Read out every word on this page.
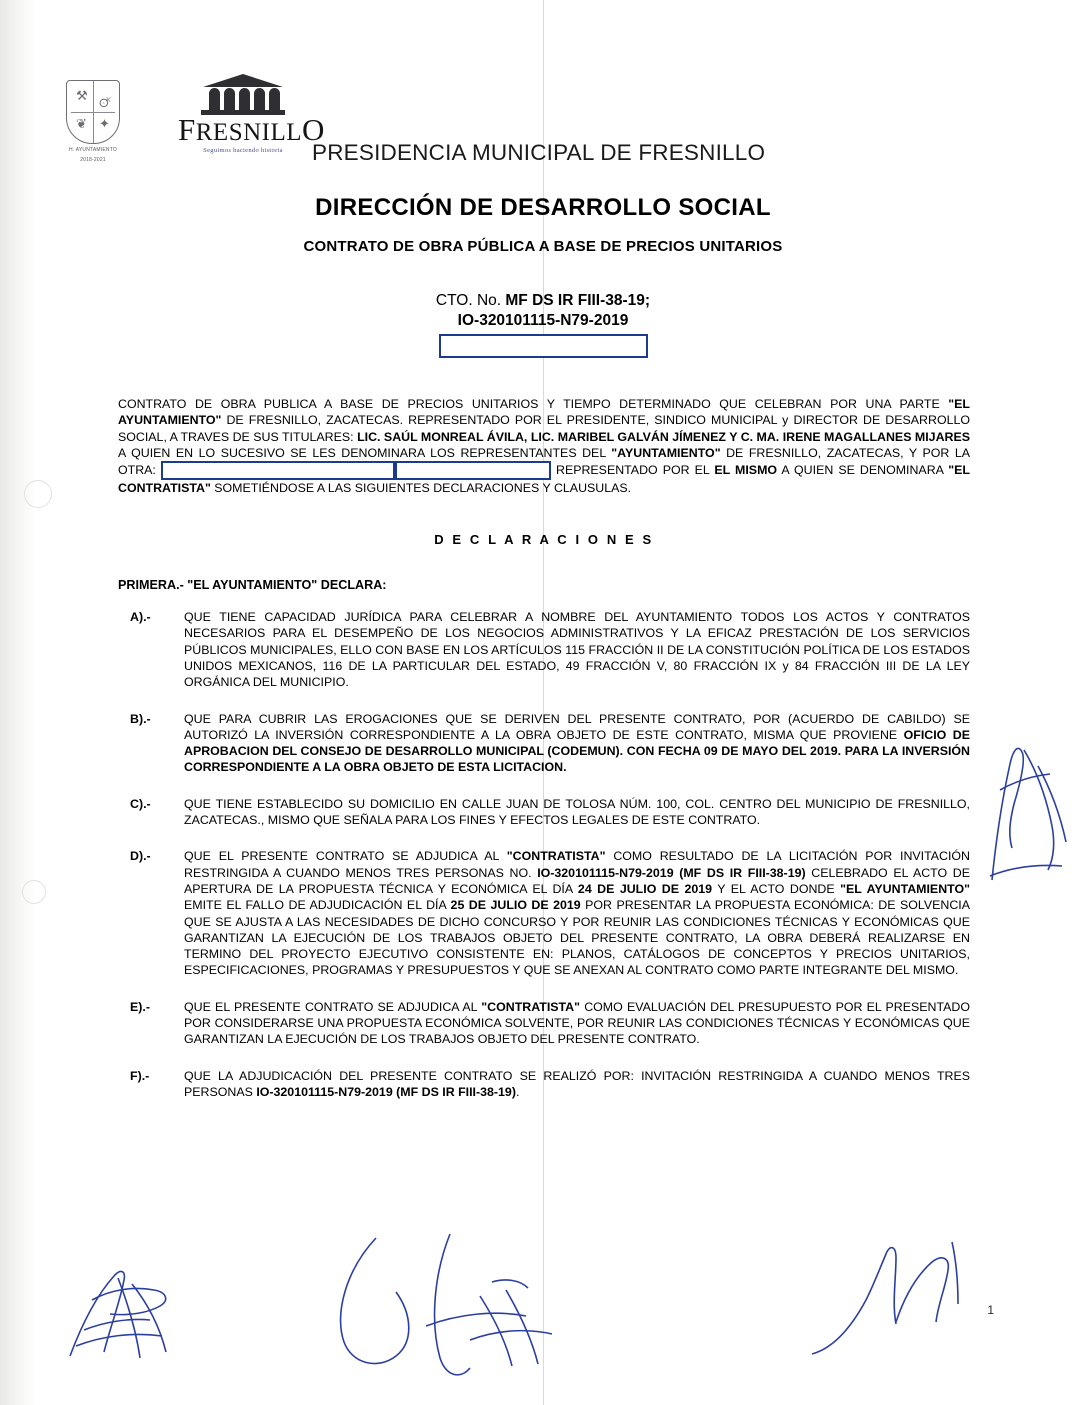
⚒ 🜚
❦ ✦
H. AYUNTAMIENTO
2018-2021
FRESNILLO
Seguimos haciendo historia	PRESIDENCIA MUNICIPAL DE FRESNILLO
DIRECCIÓN DE DESARROLLO SOCIAL
CONTRATO DE OBRA PÚBLICA A BASE DE PRECIOS UNITARIOS
CTO. No. MF DS IR FIII-38-19;
IO-320101115-N79-2019

CONTRATO DE OBRA PUBLICA A BASE DE PRECIOS UNITARIOS Y TIEMPO DETERMINADO QUE CELEBRAN POR UNA PARTE "EL AYUNTAMIENTO" DE FRESNILLO, ZACATECAS. REPRESENTADO POR EL PRESIDENTE, SINDICO MUNICIPAL y DIRECTOR DE DESARROLLO SOCIAL, A TRAVES DE SUS TITULARES: LIC. SAÚL MONREAL ÁVILA, LIC. MARIBEL GALVÁN JÍMENEZ Y C. MA. IRENE MAGALLANES MIJARES A QUIEN EN LO SUCESIVO SE LES DENOMINARA LOS REPRESENTANTES DEL "AYUNTAMIENTO" DE FRESNILLO, ZACATECAS, Y POR LA OTRA:	REPRESENTADO POR EL EL MISMO A QUIEN SE DENOMINARA "EL CONTRATISTA" SOMETIÉNDOSE A LAS SIGUIENTES DECLARACIONES Y CLAUSULAS.

D E C L A R A C I O N E S
PRIMERA.- "EL AYUNTAMIENTO" DECLARA:
A).-	QUE TIENE CAPACIDAD JURÍDICA PARA CELEBRAR A NOMBRE DEL AYUNTAMIENTO TODOS LOS ACTOS Y CONTRATOS NECESARIOS PARA EL DESEMPEÑO DE LOS NEGOCIOS ADMINISTRATIVOS Y LA EFICAZ PRESTACIÓN DE LOS SERVICIOS PÚBLICOS MUNICIPALES, ELLO CON BASE EN LOS ARTÍCULOS 115 FRACCIÓN II DE LA CONSTITUCIÓN POLÍTICA DE LOS ESTADOS UNIDOS MEXICANOS, 116 DE LA PARTICULAR DEL ESTADO, 49 FRACCIÓN V, 80 FRACCIÓN IX y 84 FRACCIÓN III DE LA LEY ORGÁNICA DEL MUNICIPIO.
B).-	QUE PARA CUBRIR LAS EROGACIONES QUE SE DERIVEN DEL PRESENTE CONTRATO, POR (ACUERDO DE CABILDO) SE AUTORIZÓ LA INVERSIÓN CORRESPONDIENTE A LA OBRA OBJETO DE ESTE CONTRATO, MISMA QUE PROVIENE OFICIO DE APROBACION DEL CONSEJO DE DESARROLLO MUNICIPAL (CODEMUN). CON FECHA 09 DE MAYO DEL 2019. PARA LA INVERSIÓN CORRESPONDIENTE A LA OBRA OBJETO DE ESTA LICITACION.
C).-	QUE TIENE ESTABLECIDO SU DOMICILIO EN CALLE JUAN DE TOLOSA NÚM. 100, COL. CENTRO DEL MUNICIPIO DE FRESNILLO, ZACATECAS., MISMO QUE SEÑALA PARA LOS FINES Y EFECTOS LEGALES DE ESTE CONTRATO.
D).-	QUE EL PRESENTE CONTRATO SE ADJUDICA AL "CONTRATISTA" COMO RESULTADO DE LA LICITACIÓN POR INVITACIÓN RESTRINGIDA A CUANDO MENOS TRES PERSONAS NO. IO-320101115-N79-2019 (MF DS IR FIII-38-19) CELEBRADO EL ACTO DE APERTURA DE LA PROPUESTA TÉCNICA Y ECONÓMICA EL DÍA 24 DE JULIO DE 2019 Y EL ACTO DONDE "EL AYUNTAMIENTO" EMITE EL FALLO DE ADJUDICACIÓN EL DÍA 25 DE JULIO DE 2019 POR PRESENTAR LA PROPUESTA ECONÓMICA: DE SOLVENCIA QUE SE AJUSTA A LAS NECESIDADES DE DICHO CONCURSO Y POR REUNIR LAS CONDICIONES TÉCNICAS Y ECONÓMICAS QUE GARANTIZAN LA EJECUCIÓN DE LOS TRABAJOS OBJETO DEL PRESENTE CONTRATO, LA OBRA DEBERÁ REALIZARSE EN TERMINO DEL PROYECTO EJECUTIVO CONSISTENTE EN: PLANOS, CATÁLOGOS DE CONCEPTOS Y PRECIOS UNITARIOS, ESPECIFICACIONES, PROGRAMAS Y PRESUPUESTOS Y QUE SE ANEXAN AL CONTRATO COMO PARTE INTEGRANTE DEL MISMO.
E).-	QUE EL PRESENTE CONTRATO SE ADJUDICA AL "CONTRATISTA" COMO EVALUACIÓN DEL PRESUPUESTO POR EL PRESENTADO POR CONSIDERARSE UNA PROPUESTA ECONÓMICA SOLVENTE, POR REUNIR LAS CONDICIONES TÉCNICAS Y ECONÓMICAS QUE GARANTIZAN LA EJECUCIÓN DE LOS TRABAJOS OBJETO DEL PRESENTE CONTRATO.
F).-	QUE LA ADJUDICACIÓN DEL PRESENTE CONTRATO SE REALIZÓ POR: INVITACIÓN RESTRINGIDA A CUANDO MENOS TRES PERSONAS IO-320101115-N79-2019 (MF DS IR FIII-38-19).
1
